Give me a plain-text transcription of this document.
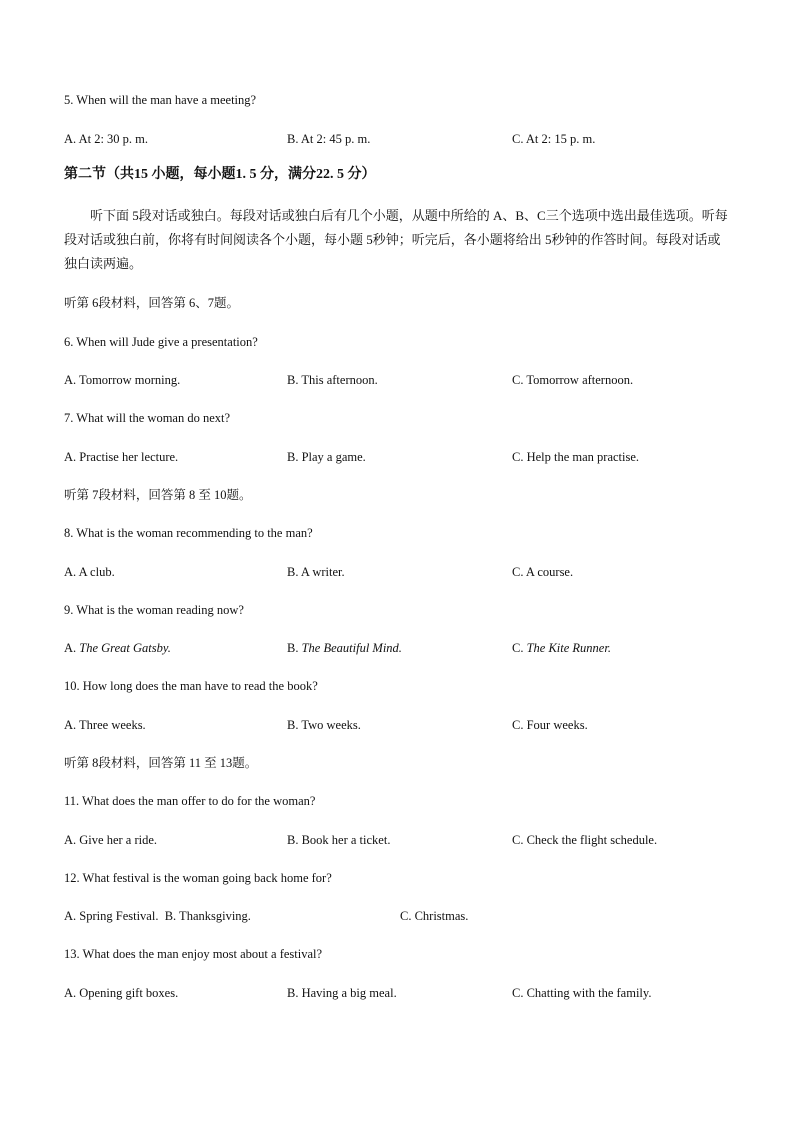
5. When will the man have a meeting?
A. At 2: 30 p. m.	B. At 2: 45 p. m.	C. At 2: 15 p. m.
第二节（共15 小题，每小题1. 5 分，满分22. 5 分）
听下面 5段对话或独白。每段对话或独白后有几个小题，从题中所给的 A、B、C三个选项中选出最佳选项。听每段对话或独白前，你将有时间阅读各个小题，每小题 5秒钟；听完后，各小题将给出 5秒钟的作答时间。每段对话或独白读两遍。
听第 6段材料，回答第 6、7题。
6. When will Jude give a presentation?
A. Tomorrow morning.	B. This afternoon.	C. Tomorrow afternoon.
7. What will the woman do next?
A. Practise her lecture.	B. Play a game.	C. Help the man practise.
听第 7段材料，回答第 8 至 10题。
8. What is the woman recommending to the man?
A. A club.	B. A writer.	C. A course.
9. What is the woman reading now?
A. The Great Gatsby.	B. The Beautiful Mind.	C. The Kite Runner.
10. How long does the man have to read the book?
A. Three weeks.	B. Two weeks.	C. Four weeks.
听第 8段材料，回答第 11 至 13题。
11. What does the man offer to do for the woman?
A. Give her a ride.	B. Book her a ticket.	C. Check the flight schedule.
12. What festival is the woman going back home for?
A. Spring Festival.  B. Thanksgiving.	C. Christmas.
13. What does the man enjoy most about a festival?
A. Opening gift boxes.	B. Having a big meal.	C. Chatting with the family.
